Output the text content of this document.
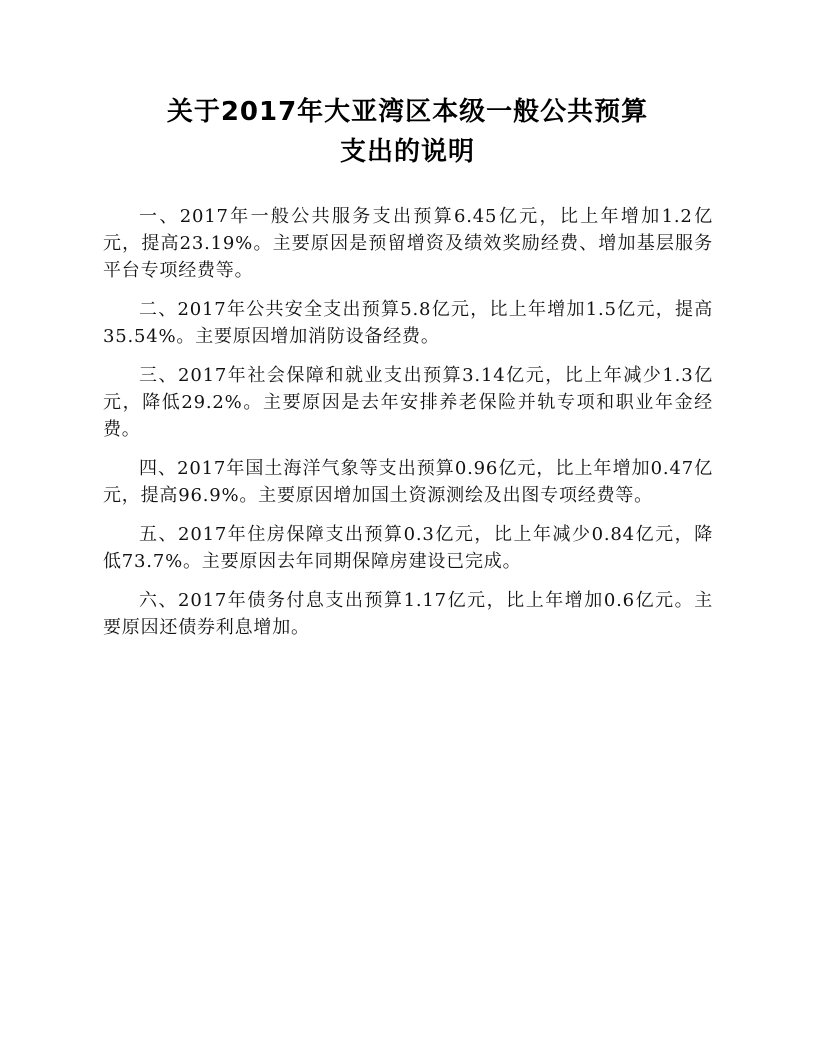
关于2017年大亚湾区本级一般公共预算
支出的说明

一、2017年一般公共服务支出预算6.45亿元，比上年增加1.2亿元，提高23.19%。主要原因是预留增资及绩效奖励经费、增加基层服务平台专项经费等。

二、2017年公共安全支出预算5.8亿元，比上年增加1.5亿元，提高35.54%。主要原因增加消防设备经费。

三、2017年社会保障和就业支出预算3.14亿元，比上年减少1.3亿元，降低29.2%。主要原因是去年安排养老保险并轨专项和职业年金经费。

四、2017年国土海洋气象等支出预算0.96亿元，比上年增加0.47亿元，提高96.9%。主要原因增加国土资源测绘及出图专项经费等。

五、2017年住房保障支出预算0.3亿元，比上年减少0.84亿元，降低73.7%。主要原因去年同期保障房建设已完成。

六、2017年债务付息支出预算1.17亿元，比上年增加0.6亿元。主要原因还债券利息增加。
